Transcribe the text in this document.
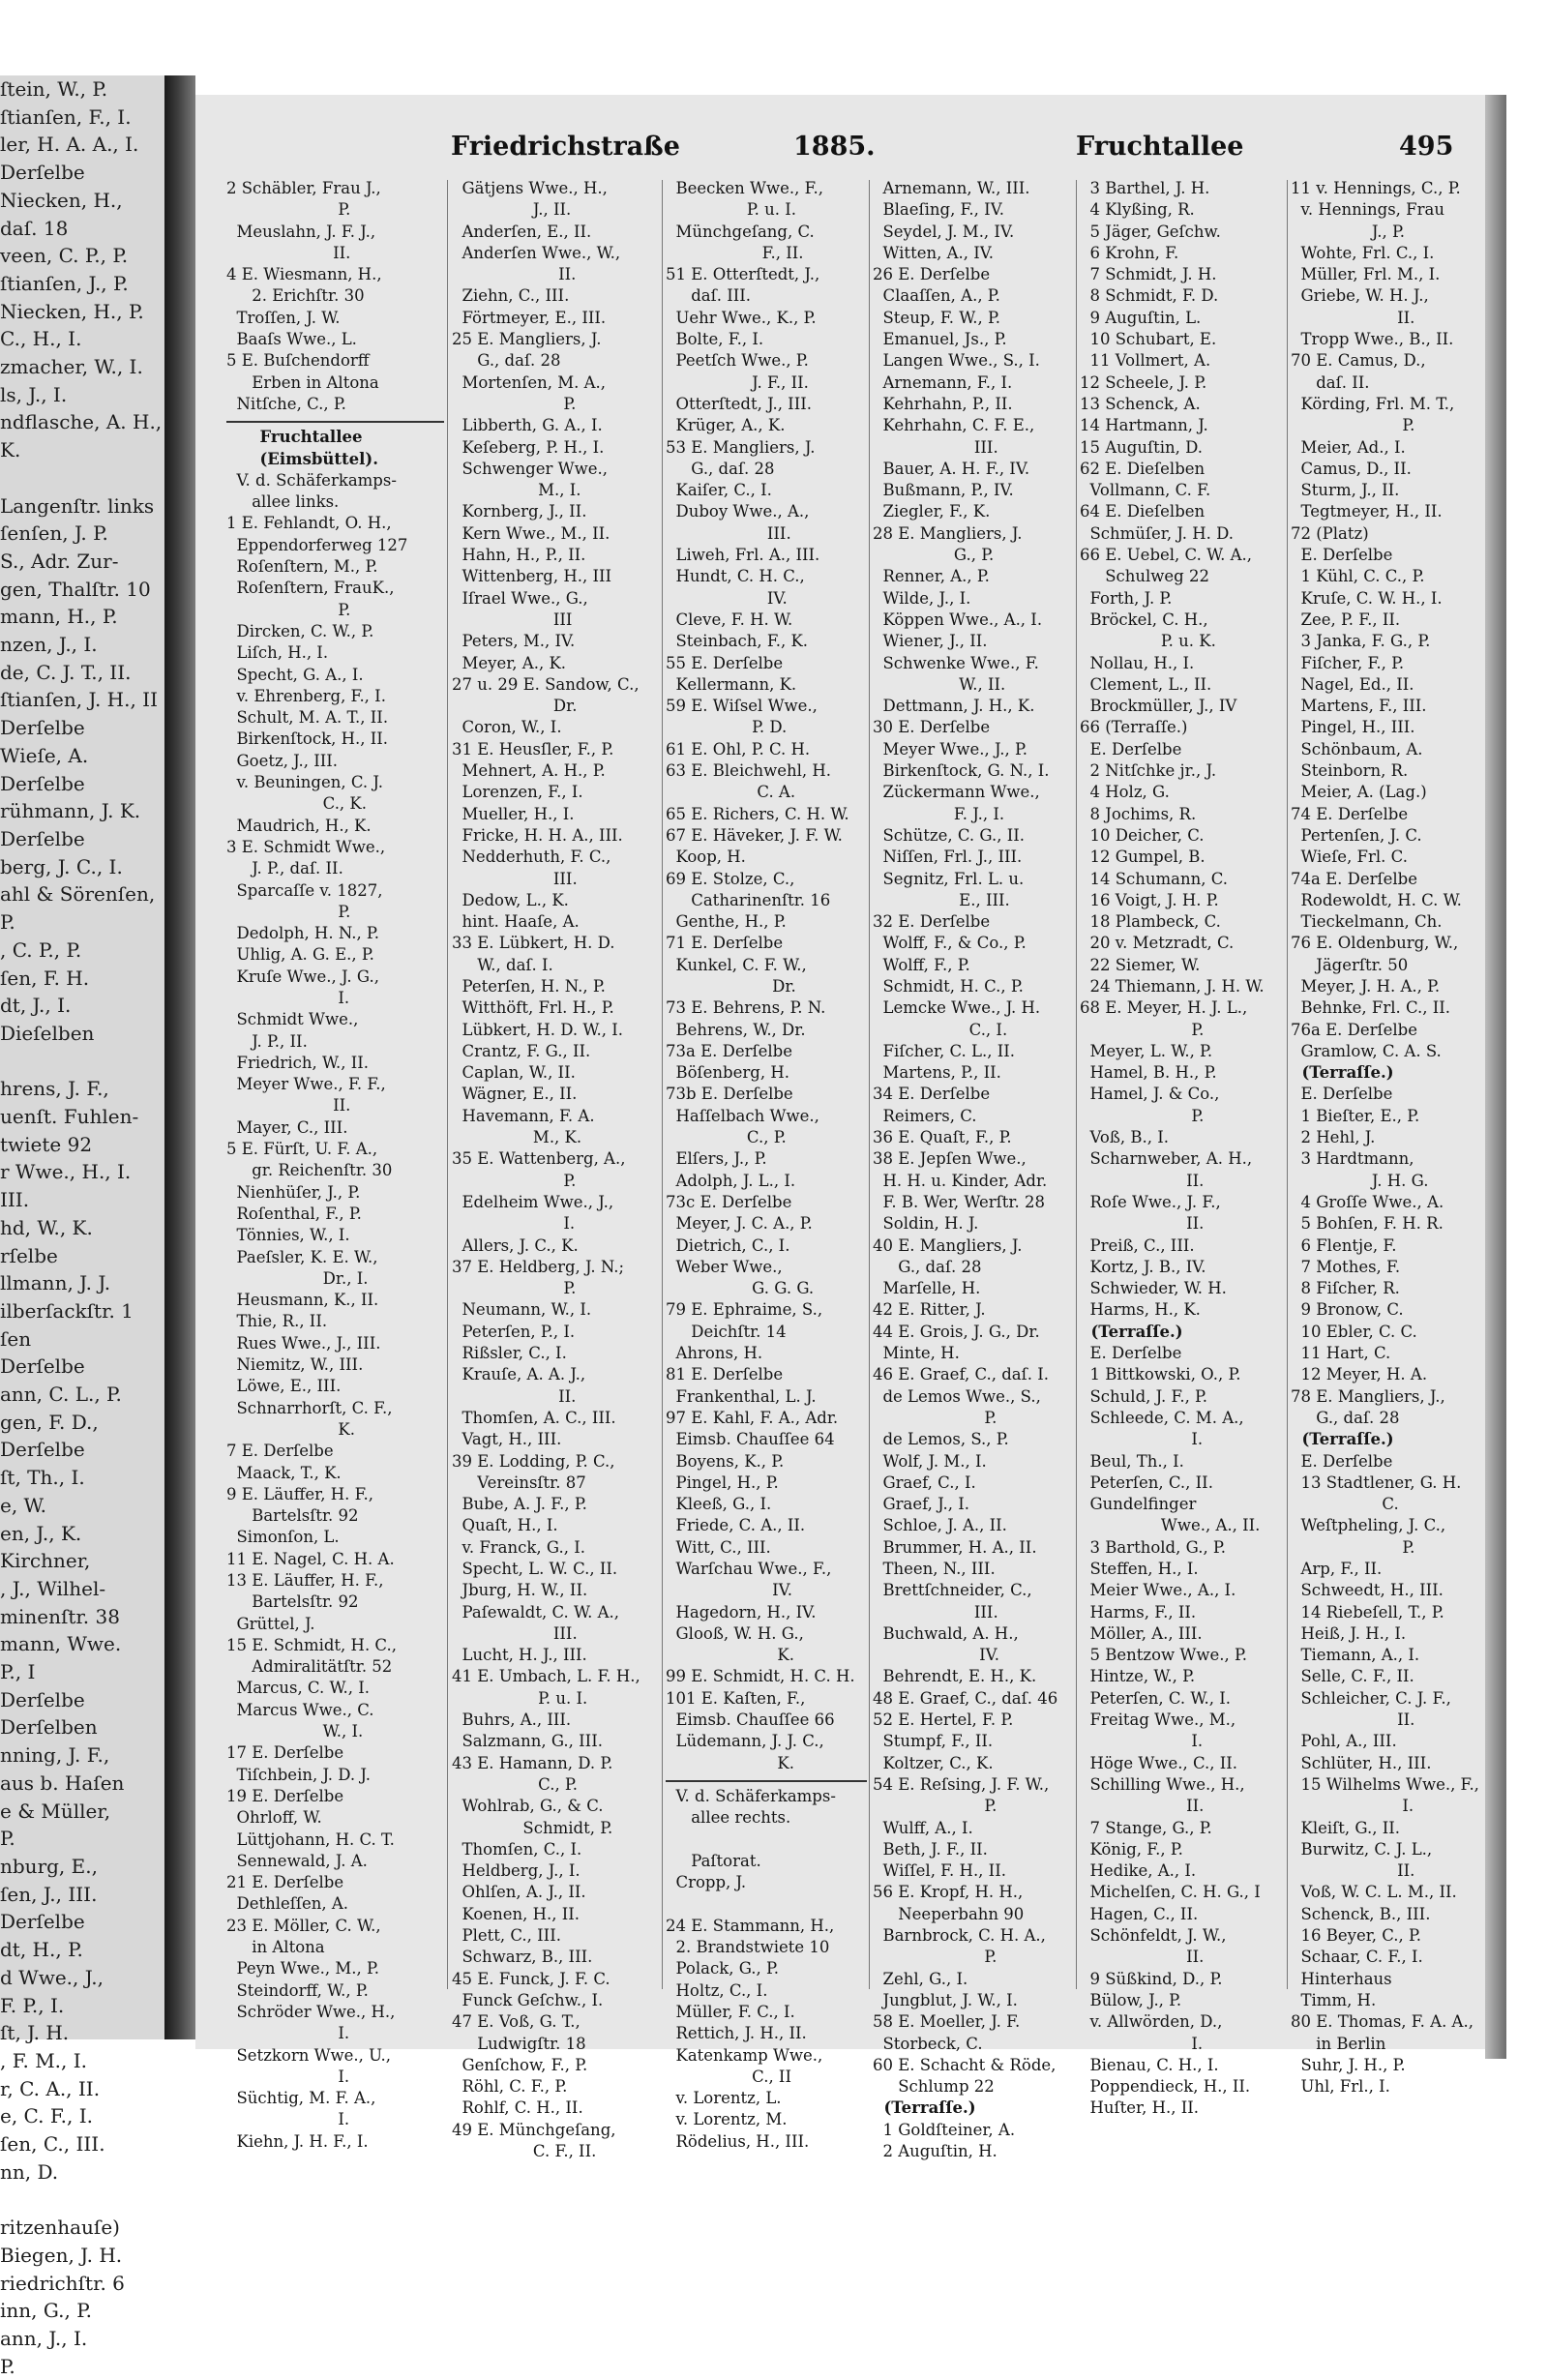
ſtein, W., P.
ſtianſen, F., I.
ler, H. A. A., I.
Derſelbe
Niecken, H.,
daſ. 18
veen, C. P., P.
ſtianſen, J., P.
Niecken, H., P.
C., H., I.
zmacher, W., I.
ls, J., I.
ndflasche, A. H.,
K.

Langenſtr. links
ſenſen, J. P.
S., Adr. Zur-
gen, Thalſtr. 10
mann, H., P.
nzen, J., I.
de, C. J. T., II.
ſtianſen, J. H., II
Derſelbe
Wieſe, A.
Derſelbe
rühmann, J. K.
Derſelbe
berg, J. C., I.
ahl & Sörenſen,
P.
, C. P., P.
ſen, F. H.
dt, J., I.
Dieſelben

hrens, J. F.,
uenſt. Fuhlen-
twiete 92
r Wwe., H., I.
III.
hd, W., K.
rſelbe
llmann, J. J.
ilberſackſtr. 1
ſen
Derſelbe
ann, C. L., P.
gen, F. D.,
Derſelbe
ſt, Th., I.
e, W.
en, J., K.
Kirchner,
, J., Wilhel-
minenſtr. 38
mann, Wwe.
P., I
Derſelbe
Derſelben
nning, J. F.,
aus b. Haſen
e & Müller,
P.
nburg, E.,
ſen, J., III.
Derſelbe
dt, H., P.
d Wwe., J.,
F. P., I.
ſt, J. H.
, F. M., I.
r, C. A., II.
e, C. F., I.
ſen, C., III.
nn, D.

ritzenhauſe)
Biegen, J. H.
riedrichſtr. 6
inn, G., P.
ann, J., I.
P.
Friedrichstraße	1885.	Fruchtallee	495
2 Schäbler, Frau J.,
P.
Meuslahn, J. F. J.,
II.
4 E. Wiesmann, H.,
2. Erichſtr. 30
Troſſen, J. W.
Baaſs Wwe., L.
5 E. Buſchendorff
Erben in Altona
Nitſche, C., P.
Fruchtallee
(Eimsbüttel).
V. d. Schäferkamps-
allee links.
1 E. Fehlandt, O. H.,
Eppendorferweg 127
Roſenſtern, M., P.
Roſenſtern, FrauK.,
P.
Dircken, C. W., P.
Liſch, H., I.
Specht, G. A., I.
v. Ehrenberg, F., I.
Schult, M. A. T., II.
Birkenſtock, H., II.
Goetz, J., III.
v. Beuningen, C. J.
C., K.
Maudrich, H., K.
3 E. Schmidt Wwe.,
J. P., daſ. II.
Sparcaſſe v. 1827,
P.
Dedolph, H. N., P.
Uhlig, A. G. E., P.
Kruſe Wwe., J. G.,
I.
Schmidt Wwe.,
J. P., II.
Friedrich, W., II.
Meyer Wwe., F. F.,
II.
Mayer, C., III.
5 E. Fürſt, U. F. A.,
gr. Reichenſtr. 30
Nienhüſer, J., P.
Roſenthal, F., P.
Tönnies, W., I.
Paeſsler, K. E. W.,
Dr., I.
Heusmann, K., II.
Thie, R., II.
Rues Wwe., J., III.
Niemitz, W., III.
Löwe, E., III.
Schnarrhorſt, C. F.,
K.
7 E. Derſelbe
Maack, T., K.
9 E. Läuffer, H. F.,
Bartelsſtr. 92
Simonſon, L.
11 E. Nagel, C. H. A.
13 E. Läuffer, H. F.,
Bartelsſtr. 92
Grüttel, J.
15 E. Schmidt, H. C.,
Admiralitätſtr. 52
Marcus, C. W., I.
Marcus Wwe., C.
W., I.
17 E. Derſelbe
Tiſchbein, J. D. J.
19 E. Derſelbe
Ohrloff, W.
Lüttjohann, H. C. T.
Sennewald, J. A.
21 E. Derſelbe
Dethleſſen, A.
23 E. Möller, C. W.,
in Altona
Peyn Wwe., M., P.
Steindorff, W., P.
Schröder Wwe., H.,
I.
Setzkorn Wwe., U.,
I.
Süchtig, M. F. A.,
I.
Kiehn, J. H. F., I.
Gätjens Wwe., H.,
J., II.
Anderſen, E., II.
Anderſen Wwe., W.,
II.
Ziehn, C., III.
Förtmeyer, E., III.
25 E. Mangliers, J.
G., daſ. 28
Mortenſen, M. A.,
P.
Libberth, G. A., I.
Keſeberg, P. H., I.
Schwenger Wwe.,
M., I.
Kornberg, J., II.
Kern Wwe., M., II.
Hahn, H., P., II.
Wittenberg, H., III
Iſrael Wwe., G.,
III
Peters, M., IV.
Meyer, A., K.
27 u. 29 E. Sandow, C.,
Dr.
Coron, W., I.
31 E. Heusſler, F., P.
Mehnert, A. H., P.
Lorenzen, F., I.
Mueller, H., I.
Fricke, H. H. A., III.
Nedderhuth, F. C.,
III.
Dedow, L., K.
hint. Haaſe, A.
33 E. Lübkert, H. D.
W., daſ. I.
Peterſen, H. N., P.
Witthöft, Frl. H., P.
Lübkert, H. D. W., I.
Crantz, F. G., II.
Caplan, W., II.
Wägner, E., II.
Havemann, F. A.
M., K.
35 E. Wattenberg, A.,
P.
Edelheim Wwe., J.,
I.
Allers, J. C., K.
37 E. Heldberg, J. N.;
P.
Neumann, W., I.
Peterſen, P., I.
Rißsler, C., I.
Krauſe, A. A. J.,
II.
Thomſen, A. C., III.
Vagt, H., III.
39 E. Lodding, P. C.,
Vereinsſtr. 87
Bube, A. J. F., P.
Quaſt, H., I.
v. Franck, G., I.
Specht, L. W. C., II.
Jburg, H. W., II.
Paſewaldt, C. W. A.,
III.
Lucht, H. J., III.
41 E. Umbach, L. F. H.,
P. u. I.
Buhrs, A., III.
Salzmann, G., III.
43 E. Hamann, D. P.
C., P.
Wohlrab, G., & C.
Schmidt, P.
Thomſen, C., I.
Heldberg, J., I.
Ohlſen, A. J., II.
Koenen, H., II.
Plett, C., III.
Schwarz, B., III.
45 E. Funck, J. F. C.
Funck Geſchw., I.
47 E. Voß, G. T.,
Ludwigſtr. 18
Genſchow, F., P.
Röhl, C. F., P.
Rohlf, C. H., II.
49 E. Münchgeſang,
C. F., II.
Beecken Wwe., F.,
P. u. I.
Münchgeſang, C.
F., II.
51 E. Otterſtedt, J.,
daſ. III.
Uehr Wwe., K., P.
Bolte, F., I.
Peetſch Wwe., P.
J. F., II.
Otterſtedt, J., III.
Krüger, A., K.
53 E. Mangliers, J.
G., daſ. 28
Kaiſer, C., I.
Duboy Wwe., A.,
III.
Liweh, Frl. A., III.
Hundt, C. H. C.,
IV.
Cleve, F. H. W.
Steinbach, F., K.
55 E. Derſelbe
Kellermann, K.
59 E. Wiſsel Wwe.,
P. D.
61 E. Ohl, P. C. H.
63 E. Bleichwehl, H.
C. A.
65 E. Richers, C. H. W.
67 E. Häveker, J. F. W.
Koop, H.
69 E. Stolze, C.,
Catharinenſtr. 16
Genthe, H., P.
71 E. Derſelbe
Kunkel, C. F. W.,
Dr.
73 E. Behrens, P. N.
Behrens, W., Dr.
73a E. Derſelbe
Böſenberg, H.
73b E. Derſelbe
Haſſelbach Wwe.,
C., P.
Elſers, J., P.
Adolph, J. L., I.
73c E. Derſelbe
Meyer, J. C. A., P.
Dietrich, C., I.
Weber Wwe.,
G. G. G.
79 E. Ephraime, S.,
Deichſtr. 14
Ahrons, H.
81 E. Derſelbe
Frankenthal, L. J.
97 E. Kahl, F. A., Adr.
Eimsb. Chauſſee 64
Boyens, K., P.
Pingel, H., P.
Kleeß, G., I.
Friede, C. A., II.
Witt, C., III.
Warſchau Wwe., F.,
IV.
Hagedorn, H., IV.
Glooß, W. H. G.,
K.
99 E. Schmidt, H. C. H.
101 E. Kaſten, F.,
Eimsb. Chauſſee 66
Lüdemann, J. J. C.,
K.
V. d. Schäferkamps-
allee rechts.

Paſtorat.
Cropp, J.

24 E. Stammann, H.,
2. Brandstwiete 10
Polack, G., P.
Holtz, C., I.
Müller, F. C., I.
Rettich, J. H., II.
Katenkamp Wwe.,
C., II
v. Lorentz, L.
v. Lorentz, M.
Rödelius, H., III.
Arnemann, W., III.
Blaeſing, F., IV.
Seydel, J. M., IV.
Witten, A., IV.
26 E. Derſelbe
Claaſſen, A., P.
Steup, F. W., P.
Emanuel, Js., P.
Langen Wwe., S., I.
Arnemann, F., I.
Kehrhahn, P., II.
Kehrhahn, C. F. E.,
III.
Bauer, A. H. F., IV.
Bußmann, P., IV.
Ziegler, F., K.
28 E. Mangliers, J.
G., P.
Renner, A., P.
Wilde, J., I.
Köppen Wwe., A., I.
Wiener, J., II.
Schwenke Wwe., F.
W., II.
Dettmann, J. H., K.
30 E. Derſelbe
Meyer Wwe., J., P.
Birkenſtock, G. N., I.
Zückermann Wwe.,
F. J., I.
Schütze, C. G., II.
Niſſen, Frl. J., III.
Segnitz, Frl. L. u.
E., III.
32 E. Derſelbe
Wolff, F., & Co., P.
Wolff, F., P.
Schmidt, H. C., P.
Lemcke Wwe., J. H.
C., I.
Fiſcher, C. L., II.
Martens, P., II.
34 E. Derſelbe
Reimers, C.
36 E. Quaſt, F., P.
38 E. Jepſen Wwe.,
H. H. u. Kinder, Adr.
F. B. Wer, Werſtr. 28
Soldin, H. J.
40 E. Mangliers, J.
G., daſ. 28
Marſelle, H.
42 E. Ritter, J.
44 E. Grois, J. G., Dr.
Minte, H.
46 E. Graef, C., daſ. I.
de Lemos Wwe., S.,
P.
de Lemos, S., P.
Wolf, J. M., I.
Graef, C., I.
Graef, J., I.
Schloe, J. A., II.
Brummer, H. A., II.
Theen, N., III.
Brettſchneider, C.,
III.
Buchwald, A. H.,
IV.
Behrendt, E. H., K.
48 E. Graef, C., daſ. 46
52 E. Hertel, F. P.
Stumpf, F., II.
Koltzer, C., K.
54 E. Reſsing, J. F. W.,
P.
Wulff, A., I.
Beth, J. F., II.
Wiſſel, F. H., II.
56 E. Kropf, H. H.,
Neeperbahn 90
Barnbrock, C. H. A.,
P.
Zehl, G., I.
Jungblut, J. W., I.
58 E. Moeller, J. F.
Storbeck, C.
60 E. Schacht & Röde,
Schlump 22
(Terraſſe.)
1 Goldſteiner, A.
2 Auguſtin, H.
3 Barthel, J. H.
4 Klyßing, R.
5 Jäger, Geſchw.
6 Krohn, F.
7 Schmidt, J. H.
8 Schmidt, F. D.
9 Auguſtin, L.
10 Schubart, E.
11 Vollmert, A.
12 Scheele, J. P.
13 Schenck, A.
14 Hartmann, J.
15 Auguſtin, D.
62 E. Dieſelben
Vollmann, C. F.
64 E. Dieſelben
Schmüſer, J. H. D.
66 E. Uebel, C. W. A.,
Schulweg 22
Forth, J. P.
Bröckel, C. H.,
P. u. K.
Nollau, H., I.
Clement, L., II.
Brockmüller, J., IV
66 (Terraſſe.)
E. Derſelbe
2 Nitſchke jr., J.
4 Holz, G.
8 Jochims, R.
10 Deicher, C.
12 Gumpel, B.
14 Schumann, C.
16 Voigt, J. H. P.
18 Plambeck, C.
20 v. Metzradt, C.
22 Siemer, W.
24 Thiemann, J. H. W.
68 E. Meyer, H. J. L.,
P.
Meyer, L. W., P.
Hamel, B. H., P.
Hamel, J. & Co.,
P.
Voß, B., I.
Scharnweber, A. H.,
II.
Roſe Wwe., J. F.,
II.
Preiß, C., III.
Kortz, J. B., IV.
Schwieder, W. H.
Harms, H., K.
(Terraſſe.)
E. Derſelbe
1 Bittkowski, O., P.
Schuld, J. F., P.
Schleede, C. M. A.,
I.
Beul, Th., I.
Peterſen, C., II.
Gundelfinger
Wwe., A., II.
3 Barthold, G., P.
Steffen, H., I.
Meier Wwe., A., I.
Harms, F., II.
Möller, A., III.
5 Bentzow Wwe., P.
Hintze, W., P.
Peterſen, C. W., I.
Freitag Wwe., M.,
I.
Höge Wwe., C., II.
Schilling Wwe., H.,
II.
7 Stange, G., P.
König, F., P.
Hedike, A., I.
Michelſen, C. H. G., I
Hagen, C., II.
Schönfeldt, J. W.,
II.
9 Süßkind, D., P.
Bülow, J., P.
v. Allwörden, D.,
I.
Bienau, C. H., I.
Poppendieck, H., II.
Huſter, H., II.
11 v. Hennings, C., P.
v. Hennings, Frau
J., P.
Wohte, Frl. C., I.
Müller, Frl. M., I.
Griebe, W. H. J.,
II.
Tropp Wwe., B., II.
70 E. Camus, D.,
daſ. II.
Körding, Frl. M. T.,
P.
Meier, Ad., I.
Camus, D., II.
Sturm, J., II.
Tegtmeyer, H., II.
72 (Platz)
E. Derſelbe
1 Kühl, C. C., P.
Kruſe, C. W. H., I.
Zee, P. F., II.
3 Janka, F. G., P.
Fiſcher, F., P.
Nagel, Ed., II.
Martens, F., III.
Pingel, H., III.
Schönbaum, A.
Steinborn, R.
Meier, A. (Lag.)
74 E. Derſelbe
Pertenſen, J. C.
Wieſe, Frl. C.
74a E. Derſelbe
Rodewoldt, H. C. W.
Tieckelmann, Ch.
76 E. Oldenburg, W.,
Jägerſtr. 50
Meyer, J. H. A., P.
Behnke, Frl. C., II.
76a E. Derſelbe
Gramlow, C. A. S.
(Terraſſe.)
E. Derſelbe
1 Bieſter, E., P.
2 Hehl, J.
3 Hardtmann,
J. H. G.
4 Groſſe Wwe., A.
5 Bohſen, F. H. R.
6 Flentje, F.
7 Mothes, F.
8 Fiſcher, R.
9 Bronow, C.
10 Ebler, C. C.
11 Hart, C.
12 Meyer, H. A.
78 E. Mangliers, J.,
G., daſ. 28
(Terraſſe.)
E. Derſelbe
13 Stadtlener, G. H.
C.
Weſtpheling, J. C.,
P.
Arp, F., II.
Schweedt, H., III.
14 Riebeſell, T., P.
Heiß, J. H., I.
Tiemann, A., I.
Selle, C. F., II.
Schleicher, C. J. F.,
II.
Pohl, A., III.
Schlüter, H., III.
15 Wilhelms Wwe., F.,
I.
Kleiſt, G., II.
Burwitz, C. J. L.,
II.
Voß, W. C. L. M., II.
Schenck, B., III.
16 Beyer, C., P.
Schaar, C. F., I.
Hinterhaus
Timm, H.
80 E. Thomas, F. A. A.,
in Berlin
Suhr, J. H., P.
Uhl, Frl., I.
